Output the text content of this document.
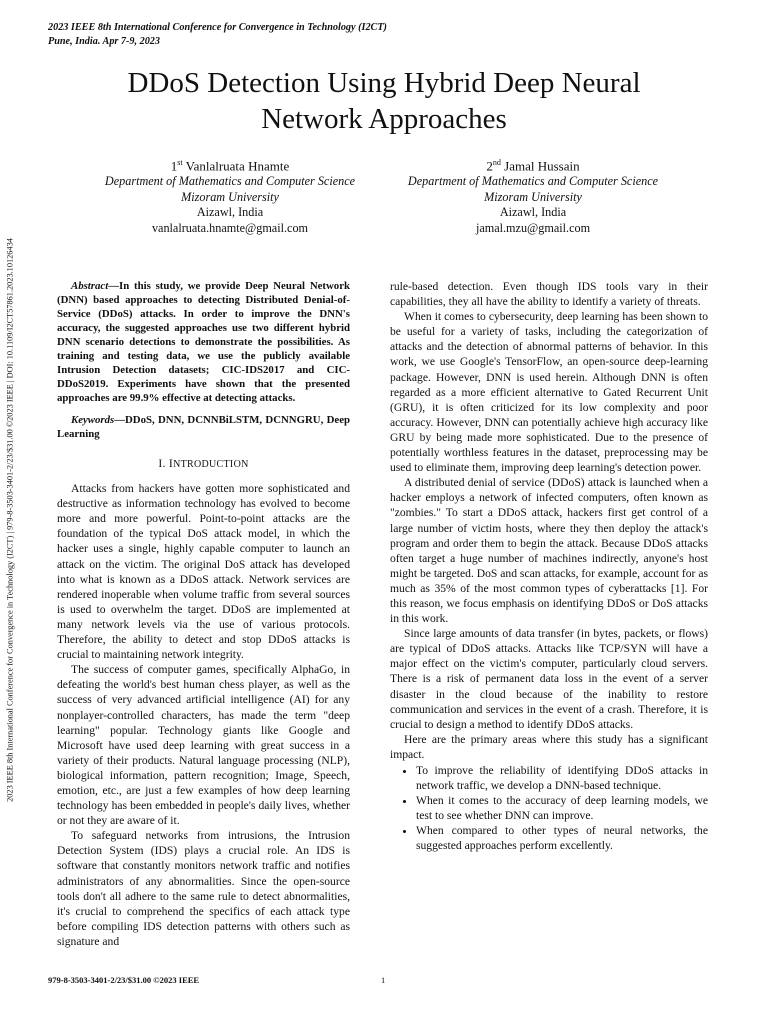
2023 IEEE 8th International Conference for Convergence in Technology (I2CT)
Pune, India. Apr 7-9, 2023
DDoS Detection Using Hybrid Deep Neural
Network Approaches
1st Vanlalruata Hnamte
Department of Mathematics and Computer Science
Mizoram University
Aizawl, India
vanlalruata.hnamte@gmail.com
2nd Jamal Hussain
Department of Mathematics and Computer Science
Mizoram University
Aizawl, India
jamal.mzu@gmail.com
2023 IEEE 8th International Conference for Convergence in Technology (I2CT) | 979-8-3503-3401-2/23/$31.00 ©2023 IEEE | DOI: 10.1109/I2CT57861.2023.10126434	Abstract—In this study, we provide Deep Neural Network (DNN) based approaches to detecting Distributed Denial-of-Service (DDoS) attacks. In order to improve the DNN's accuracy, the suggested approaches use two different hybrid DNN scenario detections to demonstrate the possibilities. As training and testing data, we use the publicly available Intrusion Detection datasets; CIC-IDS2017 and CIC-DDoS2019. Experiments have shown that the presented approaches are 99.9% effective at detecting attacks.

Keywords—DDoS, DNN, DCNNBiLSTM, DCNNGRU, Deep Learning

I. INTRODUCTION

Attacks from hackers have gotten more sophisticated and destructive as information technology has evolved to become more and more powerful. Point-to-point attacks are the foundation of the typical DoS attack model, in which the hacker uses a single, highly capable computer to launch an attack on the victim. The original DoS attack has developed into what is known as a DDoS attack. Network services are rendered inoperable when volume traffic from several sources is used to overwhelm the target. DDoS are implemented at many network levels via the use of various protocols. Therefore, the ability to detect and stop DDoS attacks is crucial to maintaining network integrity.

The success of computer games, specifically AlphaGo, in defeating the world's best human chess player, as well as the success of very advanced artificial intelligence (AI) for any nonplayer-controlled characters, has made the term "deep learning" popular. Technology giants like Google and Microsoft have used deep learning with great success in a variety of their products. Natural language processing (NLP), biological information, pattern recognition; Image, Speech, emotion, etc., are just a few examples of how deep learning technology has been embedded in people's daily lives, whether or not they are aware of it.

To safeguard networks from intrusions, the Intrusion Detection System (IDS) plays a crucial role. An IDS is software that constantly monitors network traffic and notifies administrators of any abnormalities. Since the open-source tools don't all adhere to the same rule to detect abnormalities, it's crucial to comprehend the specifics of each attack type before compiling IDS detection patterns with others such as signature and

rule-based detection. Even though IDS tools vary in their capabilities, they all have the ability to identify a variety of threats.

When it comes to cybersecurity, deep learning has been shown to be useful for a variety of tasks, including the categorization of attacks and the detection of abnormal patterns of behavior. In this work, we use Google's TensorFlow, an open-source deep-learning package. However, DNN is used herein. Although DNN is often regarded as a more efficient alternative to Gated Recurrent Unit (GRU), it is often criticized for its low complexity and poor accuracy. However, DNN can potentially achieve high accuracy like GRU by being made more sophisticated. Due to the presence of potentially worthless features in the dataset, preprocessing may be used to eliminate them, improving deep learning's detection power.

A distributed denial of service (DDoS) attack is launched when a hacker employs a network of infected computers, often known as "zombies." To start a DDoS attack, hackers first get control of a large number of victim hosts, where they then deploy the attack's program and order them to begin the attack. Because DDoS attacks often target a huge number of machines indirectly, anyone's host might be targeted. DoS and scan attacks, for example, account for as much as 35% of the most common types of cyberattacks [1]. For this reason, we focus emphasis on identifying DDoS or DoS attacks in this work.

Since large amounts of data transfer (in bytes, packets, or flows) are typical of DDoS attacks. Attacks like TCP/SYN will have a major effect on the victim's computer, particularly cloud servers. There is a risk of permanent data loss in the event of a server disaster in the cloud because of the inability to restore communication and services in the event of a crash. Therefore, it is crucial to design a method to identify DDoS attacks.

Here are the primary areas where this study has a significant impact.

• To improve the reliability of identifying DDoS attacks in network traffic, we develop a DNN-based technique.
• When it comes to the accuracy of deep learning models, we test to see whether DNN can improve.
• When compared to other types of neural networks, the suggested approaches perform excellently.
979-8-3503-3401-2/23/$31.00 ©2023 IEEE	1
